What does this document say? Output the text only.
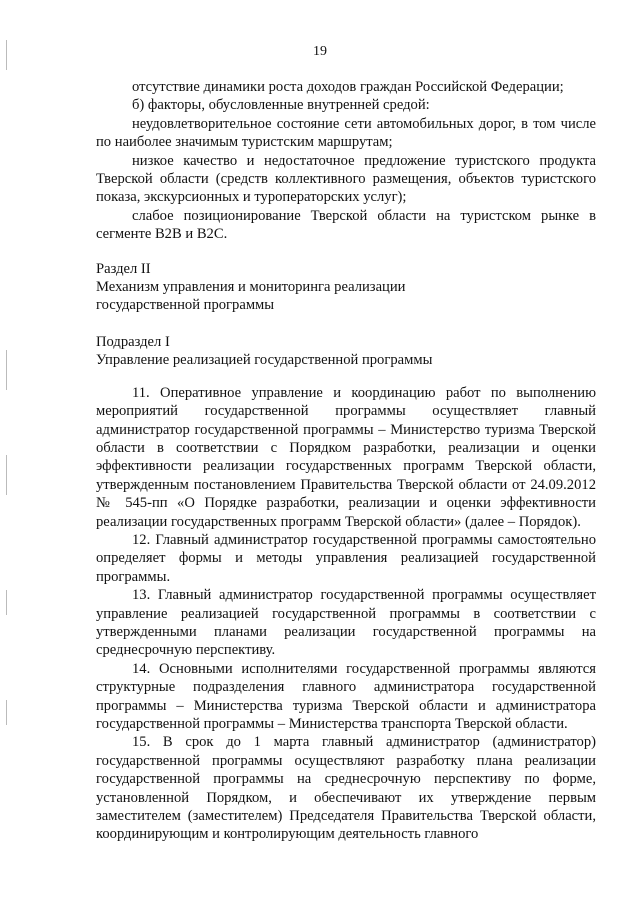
19

отсутствие динамики роста доходов граждан Российской Федерации;

б) факторы, обусловленные внутренней средой:

неудовлетворительное состояние сети автомобильных дорог, в том числе по наиболее значимым туристским маршрутам;

низкое качество и недостаточное предложение туристского продукта Тверской области (средств коллективного размещения, объектов туристского показа, экскурсионных и туроператорских услуг);

слабое позиционирование Тверской области на туристском рынке в сегменте B2B и B2C.

Раздел II

Механизм управления и мониторинга реализации

государственной программы

Подраздел I

Управление реализацией государственной программы

11. Оперативное управление и координацию работ по выполнению мероприятий государственной программы осуществляет главный администратор государственной программы – Министерство туризма Тверской области в соответствии с Порядком разработки, реализации и оценки эффективности реализации государственных программ Тверской области, утвержденным постановлением Правительства Тверской области от 24.09.2012 № 545-пп «О Порядке разработки, реализации и оценки эффективности реализации государственных программ Тверской области» (далее – Порядок).

12. Главный администратор государственной программы самостоятельно определяет формы и методы управления реализацией государственной программы.

13. Главный администратор государственной программы осуществляет управление реализацией государственной программы в соответствии с утвержденными планами реализации государственной программы на среднесрочную перспективу.

14. Основными исполнителями государственной программы являются структурные подразделения главного администратора государственной программы – Министерства туризма Тверской области и администратора государственной программы – Министерства транспорта Тверской области.

15. В срок до 1 марта главный администратор (администратор) государственной программы осуществляют разработку плана реализации государственной программы на среднесрочную перспективу по форме, установленной Порядком, и обеспечивают их утверждение первым заместителем (заместителем) Председателя Правительства Тверской области, координирующим и контролирующим деятельность главного
